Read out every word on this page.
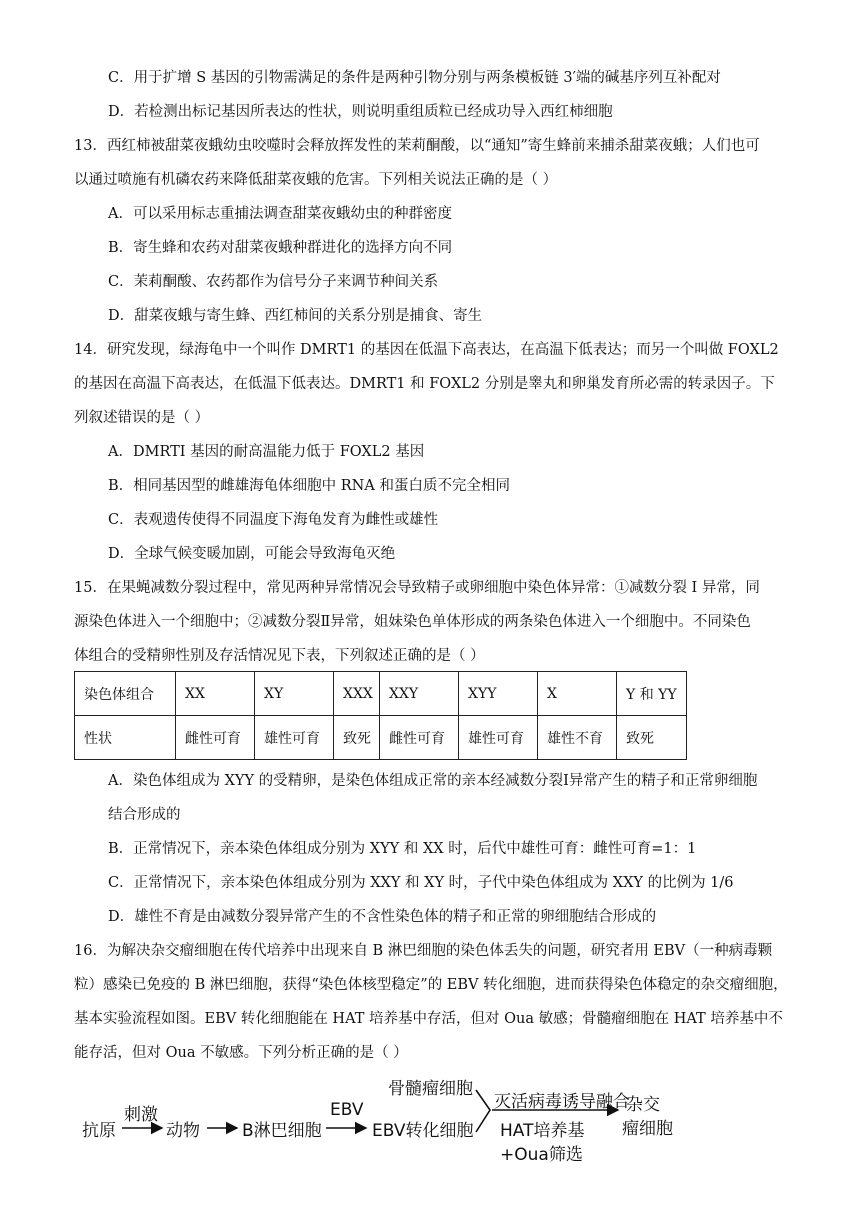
C．用于扩增 S 基因的引物需满足的条件是两种引物分别与两条模板链 3′端的碱基序列互补配对
D．若检测出标记基因所表达的性状，则说明重组质粒已经成功导入西红柿细胞
13．西红柿被甜菜夜蛾幼虫咬噬时会释放挥发性的茉莉酮酸，以“通知”寄生蜂前来捕杀甜菜夜蛾；人们也可
以通过喷施有机磷农药来降低甜菜夜蛾的危害。下列相关说法正确的是（ ）
A．可以采用标志重捕法调查甜菜夜蛾幼虫的种群密度
B．寄生蜂和农药对甜菜夜蛾种群进化的选择方向不同
C．茉莉酮酸、农药都作为信号分子来调节种间关系
D．甜菜夜蛾与寄生蜂、西红柿间的关系分别是捕食、寄生
14．研究发现，绿海龟中一个叫作 DMRT1 的基因在低温下高表达，在高温下低表达；而另一个叫做 FOXL2
的基因在高温下高表达，在低温下低表达。DMRT1 和 FOXL2 分别是睾丸和卵巢发育所必需的转录因子。下
列叙述错误的是（ ）
A．DMRTI 基因的耐高温能力低于 FOXL2 基因
B．相同基因型的雌雄海龟体细胞中 RNA 和蛋白质不完全相同
C．表观遗传使得不同温度下海龟发育为雌性或雄性
D．全球气候变暖加剧，可能会导致海龟灭绝
15．在果蝇减数分裂过程中，常见两种异常情况会导致精子或卵细胞中染色体异常：①减数分裂 I 异常，同
源染色体进入一个细胞中；②减数分裂Ⅱ异常，姐妹染色单体形成的两条染色体进入一个细胞中。不同染色
体组合的受精卵性别及存活情况见下表，下列叙述正确的是（ ）
A．染色体组成为 XYY 的受精卵，是染色体组成正常的亲本经减数分裂Ⅰ异常产生的精子和正常卵细胞
结合形成的
B．正常情况下，亲本染色体组成分别为 XYY 和 XX 时，后代中雄性可育：雌性可育=1：1
C．正常情况下，亲本染色体组成分别为 XXY 和 XY 时，子代中染色体组成为 XXY 的比例为 1/6
D．雄性不育是由减数分裂异常产生的不含性染色体的精子和正常的卵细胞结合形成的
16．为解决杂交瘤细胞在传代培养中出现来自 B 淋巴细胞的染色体丢失的问题，研究者用 EBV（一种病毒颗
粒）感染已免疫的 B 淋巴细胞，获得“染色体核型稳定”的 EBV 转化细胞，进而获得染色体稳定的杂交瘤细胞，
基本实验流程如图。EBV 转化细胞能在 HAT 培养基中存活，但对 Oua 敏感；骨髓瘤细胞在 HAT 培养基中不
能存活，但对 Oua 不敏感。下列分析正确的是（ ）
染色体组合	XX	XY	XXX	XXY	XYY	X	Y 和 YY
性状	雌性可育	雄性可育	致死	雌性可育	雄性可育	雄性不育	致死
抗原
刺激
动物 B淋巴细胞
EBV
EBV转化细胞
骨髓瘤细胞
灭活病毒诱导融合
HAT培养基
+Oua筛选
杂交
瘤细胞
